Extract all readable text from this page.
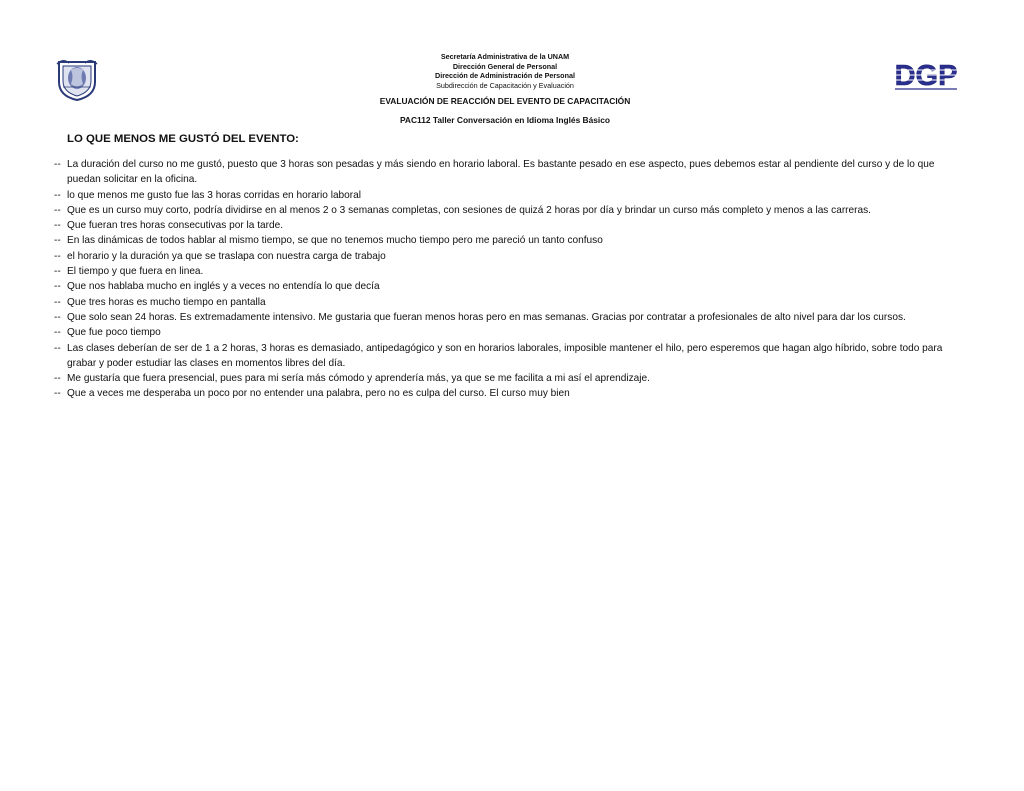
DGP
Secretaría Administrativa de la UNAM
Dirección General de Personal
Dirección de Administración de Personal
Subdirección de Capacitación y Evaluación
EVALUACIÓN DE REACCIÓN DEL EVENTO DE CAPACITACIÓN
PAC112 Taller Conversación en Idioma Inglés Básico
LO QUE MENOS ME GUSTÓ DEL EVENTO:
-- La duración del curso no me gustó, puesto que 3 horas son pesadas y más siendo en horario laboral. Es bastante pesado en ese aspecto, pues debemos estar al pendiente del curso y de lo que puedan solicitar en la oficina.
-- lo que menos me gusto fue las 3 horas corridas en horario laboral
-- Que es un curso muy corto, podría dividirse en al menos 2 o 3 semanas completas, con sesiones de quizá 2 horas por día y brindar un curso más completo y menos a las carreras.
-- Que fueran tres horas consecutivas por la tarde.
-- En las dinámicas de todos hablar al mismo tiempo, se que no tenemos mucho tiempo pero me pareció un tanto confuso
-- el horario y la duración ya que se traslapa con nuestra carga de trabajo
-- El tiempo y que fuera en linea.
-- Que nos hablaba mucho en inglés y a veces no entendía lo que decía
-- Que tres horas es mucho tiempo en pantalla
-- Que solo sean 24 horas. Es extremadamente intensivo. Me gustaria que fueran menos horas pero en mas semanas. Gracias por contratar a profesionales de alto nivel para dar los cursos.
-- Que fue poco tiempo
-- Las clases deberían de ser de 1 a 2 horas, 3 horas es demasiado, antipedagógico y son en horarios laborales, imposible mantener el hilo, pero esperemos que hagan algo híbrido, sobre todo para grabar y poder estudiar las clases en momentos libres del día.
-- Me gustaría que fuera presencial, pues para mi sería más cómodo y aprendería más, ya que se me facilita a mi así el aprendizaje.
-- Que a veces me desperaba un poco por no entender una palabra, pero no es culpa del curso. El curso muy bien
